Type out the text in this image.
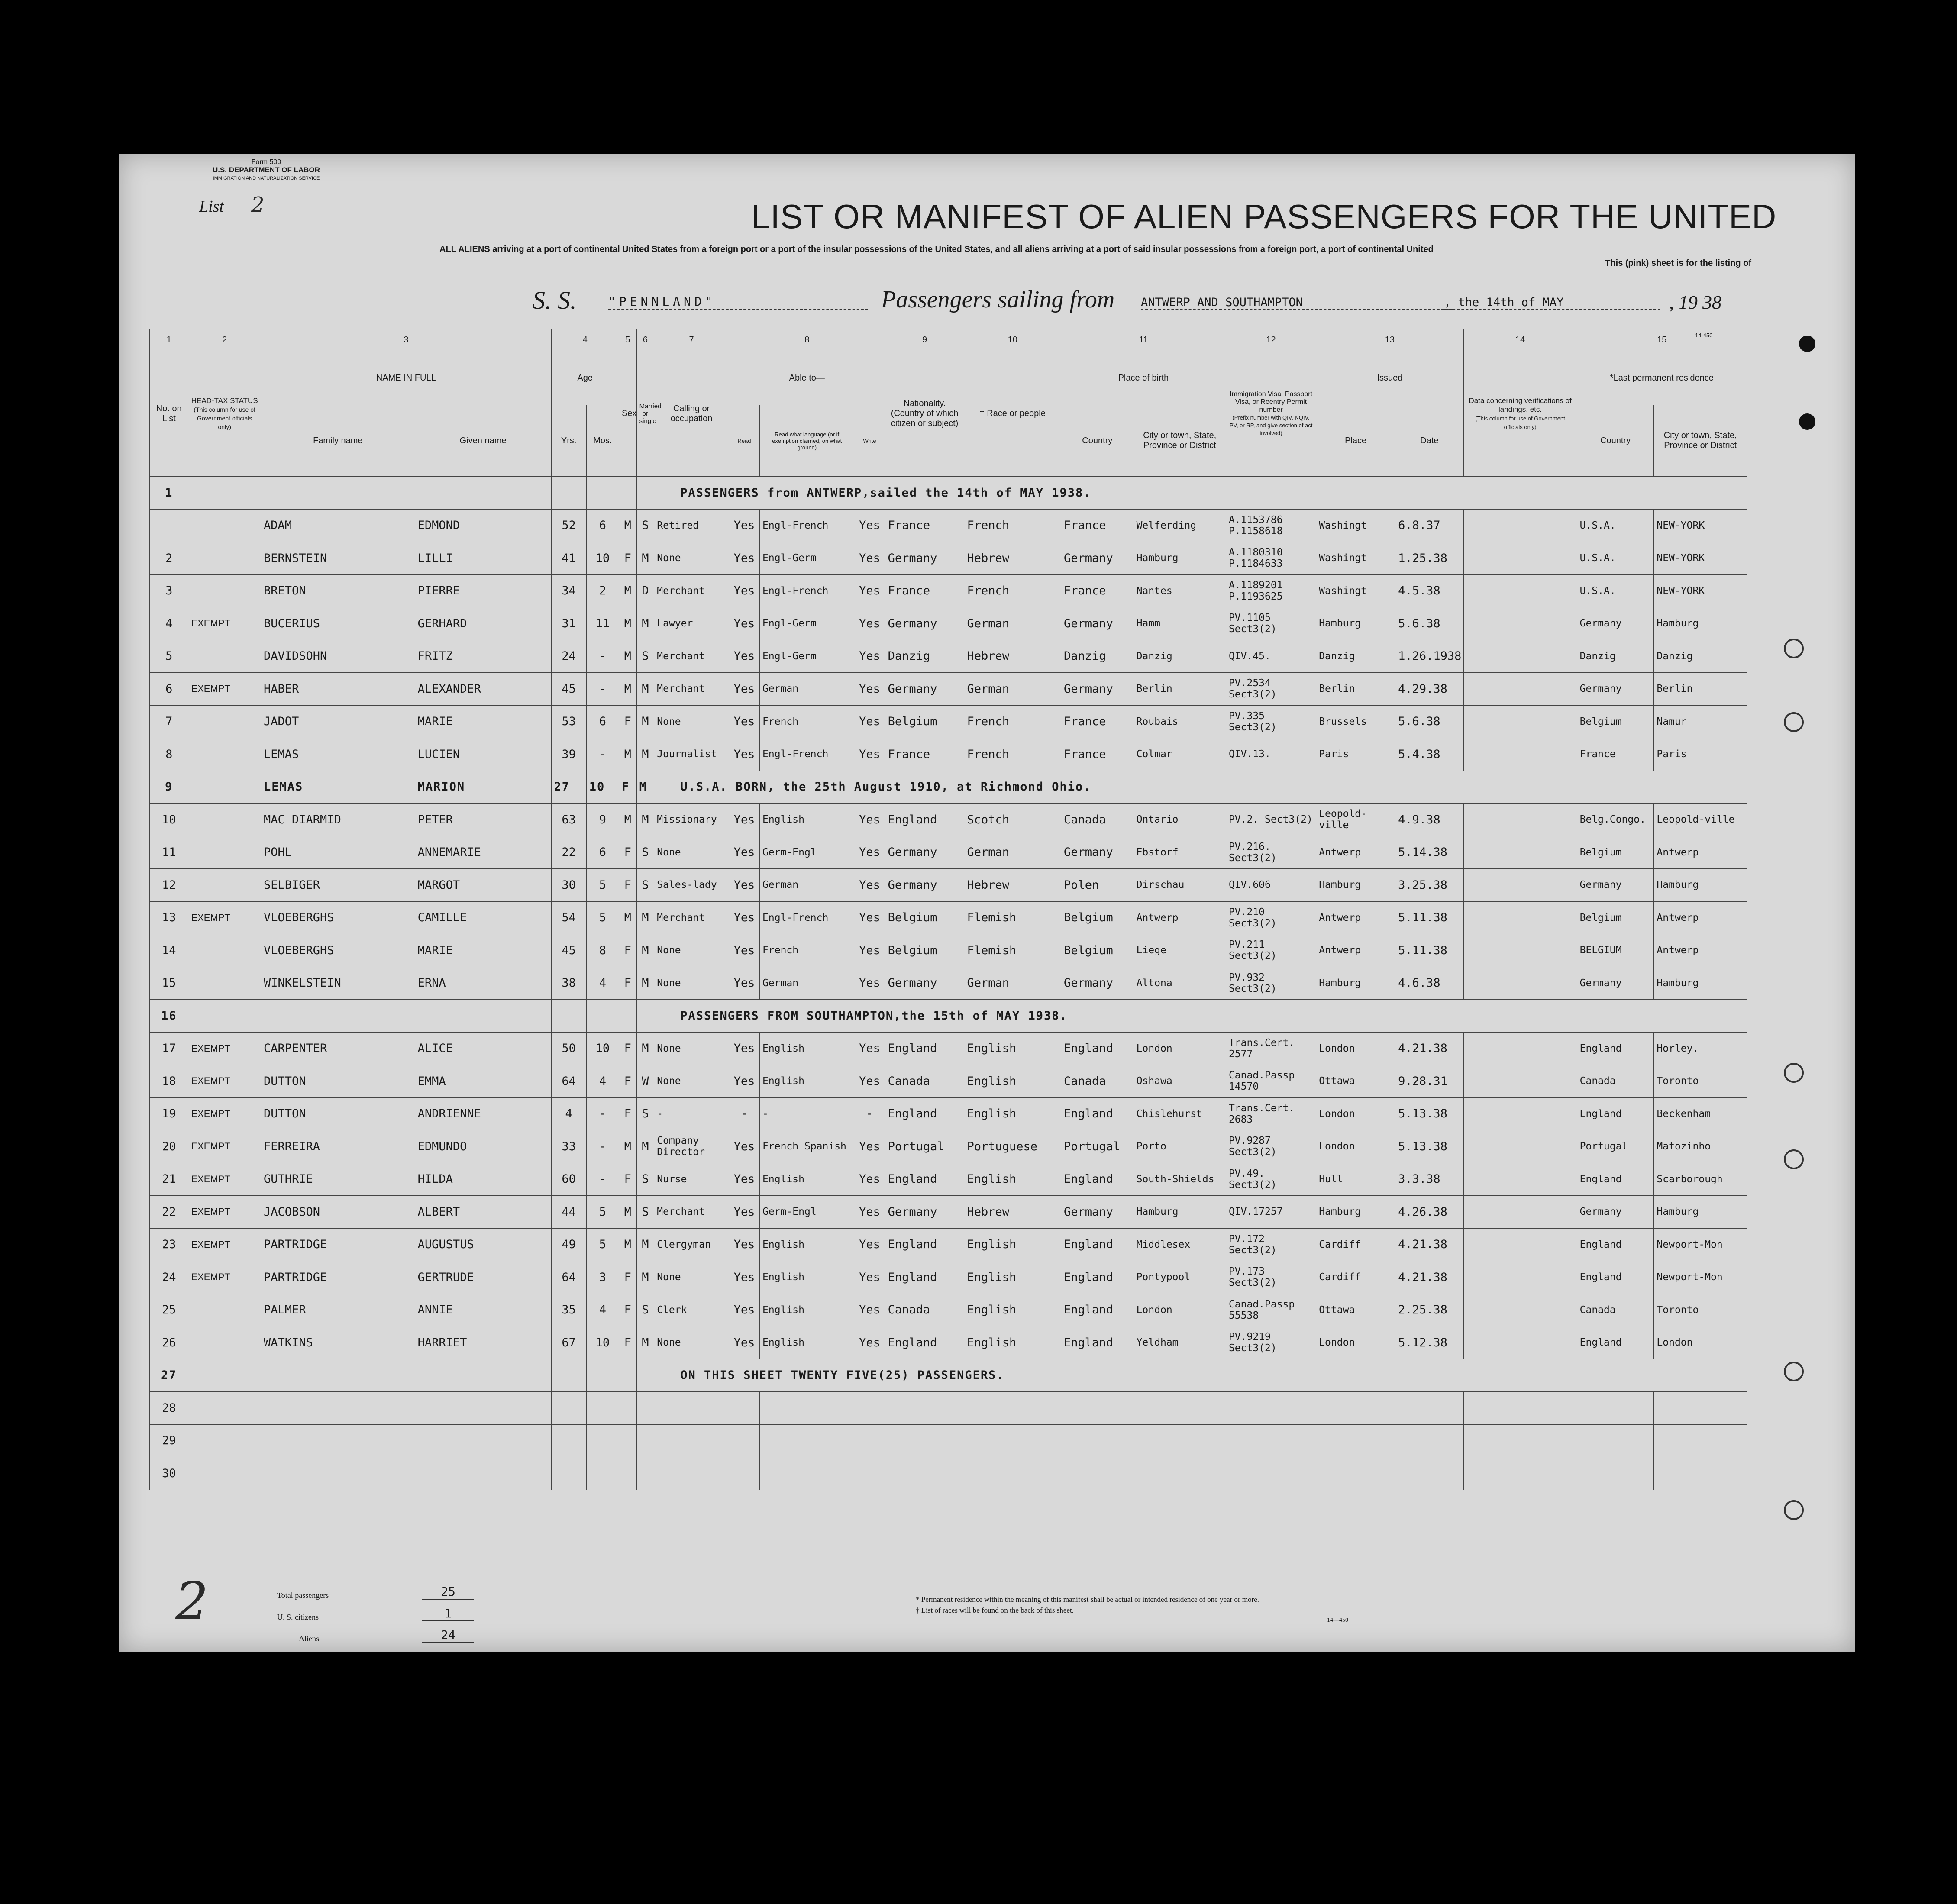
Form 500
U.S. DEPARTMENT OF LABOR
IMMIGRATION AND NATURALIZATION SERVICE
List 2	LIST OR MANIFEST OF ALIEN PASSENGERS FOR THE UNITED
ALL ALIENS arriving at a port of continental United States from a foreign port or a port of the insular possessions of the United States, and all aliens arriving at a port of said insular possessions from a foreign port, a port of continental United
This (pink) sheet is for the listing of
S. S.	"PENNLAND"	Passengers sailing from ANTWERP AND SOUTHAMPTON	, the 14th of MAY	, 19 38
14-450
1	2	3		4		5	6	7	8			9	10	11		12	13		14	15	
No. on List	HEAD-TAX STATUS
(This column for use of Government officials only)	NAME IN FULL		Age		Sex	Married or single	Calling or occupation	Able to—			Nationality. (Country of which citizen or subject)	† Race or people	Place of birth		Immigration Visa, Passport Visa, or Reentry Permit number
(Prefix number with QIV, NQIV, PV, or RP, and give section of act involved)	Issued		Data concerning verifications of landings, etc.
(This column for use of Government officials only)	*Last permanent residence	
		Family name	Given name	Yrs.	Mos.				Read	Read what language (or if exemption claimed, on what ground)	Write			Country	City or town, State, Province or District		Place	Date		Country	City or town, State, Province or District
1								PASSENGERS from ANTWERP,sailed the 14th of MAY 1938.													
		ADAM	EDMOND	52	6	M	S	Retired	Yes	Engl-French	Yes	France	French	France	Welferding	A.1153786 P.1158618	Washingt	6.8.37		U.S.A.	NEW-YORK
2		BERNSTEIN	LILLI	41	10	F	M	None	Yes	Engl-Germ	Yes	Germany	Hebrew	Germany	Hamburg	A.1180310 P.1184633	Washingt	1.25.38		U.S.A.	NEW-YORK
3		BRETON	PIERRE	34	2	M	D	Merchant	Yes	Engl-French	Yes	France	French	France	Nantes	A.1189201 P.1193625	Washingt	4.5.38		U.S.A.	NEW-YORK
4	EXEMPT	BUCERIUS	GERHARD	31	11	M	M	Lawyer	Yes	Engl-Germ	Yes	Germany	German	Germany	Hamm	PV.1105 Sect3(2)	Hamburg	5.6.38		Germany	Hamburg
5		DAVIDSOHN	FRITZ	24	-	M	S	Merchant	Yes	Engl-Germ	Yes	Danzig	Hebrew	Danzig	Danzig	QIV.45.	Danzig	1.26.1938		Danzig	Danzig
6	EXEMPT	HABER	ALEXANDER	45	-	M	M	Merchant	Yes	German	Yes	Germany	German	Germany	Berlin	PV.2534 Sect3(2)	Berlin	4.29.38		Germany	Berlin
7		JADOT	MARIE	53	6	F	M	None	Yes	French	Yes	Belgium	French	France	Roubais	PV.335 Sect3(2)	Brussels	5.6.38		Belgium	Namur
8		LEMAS	LUCIEN	39	-	M	M	Journalist	Yes	Engl-French	Yes	France	French	France	Colmar	QIV.13.	Paris	5.4.38		France	Paris
9		LEMAS	MARION	27	10	F	M	U.S.A. BORN, the 25th August 1910, at Richmond Ohio.													
10		MAC DIARMID	PETER	63	9	M	M	Missionary	Yes	English	Yes	England	Scotch	Canada	Ontario	PV.2. Sect3(2)	Leopold-ville	4.9.38		Belg.Congo.	Leopold-ville
11		POHL	ANNEMARIE	22	6	F	S	None	Yes	Germ-Engl	Yes	Germany	German	Germany	Ebstorf	PV.216. Sect3(2)	Antwerp	5.14.38		Belgium	Antwerp
12		SELBIGER	MARGOT	30	5	F	S	Sales-lady	Yes	German	Yes	Germany	Hebrew	Polen	Dirschau	QIV.606	Hamburg	3.25.38		Germany	Hamburg
13	EXEMPT	VLOEBERGHS	CAMILLE	54	5	M	M	Merchant	Yes	Engl-French	Yes	Belgium	Flemish	Belgium	Antwerp	PV.210 Sect3(2)	Antwerp	5.11.38		Belgium	Antwerp
14		VLOEBERGHS	MARIE	45	8	F	M	None	Yes	French	Yes	Belgium	Flemish	Belgium	Liege	PV.211 Sect3(2)	Antwerp	5.11.38		BELGIUM	Antwerp
15		WINKELSTEIN	ERNA	38	4	F	M	None	Yes	German	Yes	Germany	German	Germany	Altona	PV.932 Sect3(2)	Hamburg	4.6.38		Germany	Hamburg
16								PASSENGERS FROM SOUTHAMPTON,the 15th of MAY 1938.													
17	EXEMPT	CARPENTER	ALICE	50	10	F	M	None	Yes	English	Yes	England	English	England	London	Trans.Cert. 2577	London	4.21.38		England	Horley.
18	EXEMPT	DUTTON	EMMA	64	4	F	W	None	Yes	English	Yes	Canada	English	Canada	Oshawa	Canad.Passp 14570	Ottawa	9.28.31		Canada	Toronto
19	EXEMPT	DUTTON	ANDRIENNE	4	-	F	S	-	-	-	-	England	English	England	Chislehurst	Trans.Cert. 2683	London	5.13.38		England	Beckenham
20	EXEMPT	FERREIRA	EDMUNDO	33	-	M	M	Company Director	Yes	French Spanish	Yes	Portugal	Portuguese	Portugal	Porto	PV.9287 Sect3(2)	London	5.13.38		Portugal	Matozinho
21	EXEMPT	GUTHRIE	HILDA	60	-	F	S	Nurse	Yes	English	Yes	England	English	England	South-Shields	PV.49. Sect3(2)	Hull	3.3.38		England	Scarborough
22	EXEMPT	JACOBSON	ALBERT	44	5	M	S	Merchant	Yes	Germ-Engl	Yes	Germany	Hebrew	Germany	Hamburg	QIV.17257	Hamburg	4.26.38		Germany	Hamburg
23	EXEMPT	PARTRIDGE	AUGUSTUS	49	5	M	M	Clergyman	Yes	English	Yes	England	English	England	Middlesex	PV.172 Sect3(2)	Cardiff	4.21.38		England	Newport-Mon
24	EXEMPT	PARTRIDGE	GERTRUDE	64	3	F	M	None	Yes	English	Yes	England	English	England	Pontypool	PV.173 Sect3(2)	Cardiff	4.21.38		England	Newport-Mon
25		PALMER	ANNIE	35	4	F	S	Clerk	Yes	English	Yes	Canada	English	England	London	Canad.Passp 55538	Ottawa	2.25.38		Canada	Toronto
26		WATKINS	HARRIET	67	10	F	M	None	Yes	English	Yes	England	English	England	Yeldham	PV.9219 Sect3(2)	London	5.12.38		England	London
27								ON THIS SHEET TWENTY FIVE(25) PASSENGERS.													
28																					
29																					
30																					
2	Total passengers	25
U. S. citizens	1
Aliens	24
* Permanent residence within the meaning of this manifest shall be actual or intended residence of one year or more.
† List of races will be found on the back of this sheet.
14—450
